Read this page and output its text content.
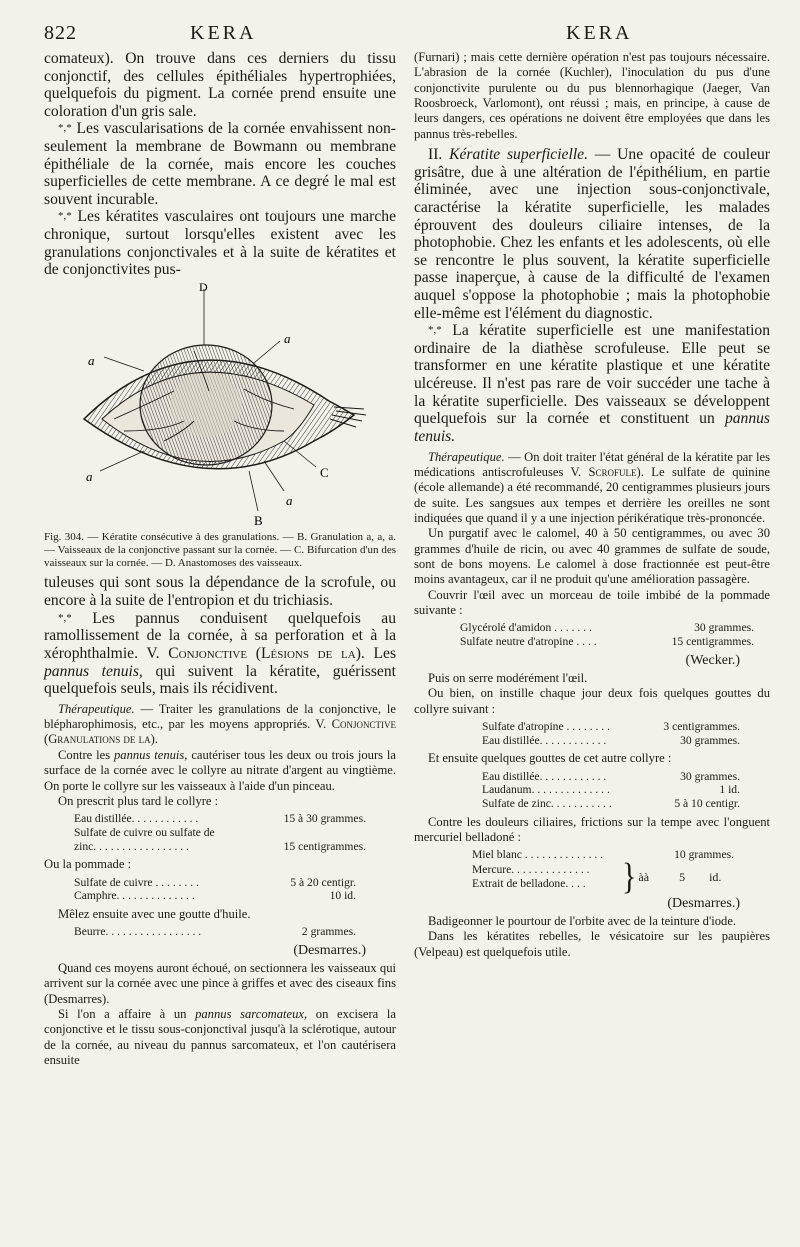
822	KERA	KERA

comateux). On trouve dans ces derniers du tissu conjonctif, des cellules épithéliales hypertrophiées, quelquefois du pigment. La cornée prend ensuite une coloration d'un gris sale.

*,* Les vascularisations de la cornée envahissent non-seulement la membrane de Bowmann ou membrane épithéliale de la cornée, mais encore les couches superficielles de cette membrane. A ce degré le mal est souvent incurable.

*,* Les kératites vasculaires ont toujours une marche chronique, surtout lorsqu'elles existent avec les granulations conjonctivales et à la suite de kératites et de conjonctivites pus-

D
a
a
a	C
a
B

Fig. 304. — Kératite consécutive à des granulations. — B. Granulation a, a, a. — Vaisseaux de la conjonctive passant sur la cornée. — C. Bifurcation d'un des vaisseaux sur la cornée. — D. Anastomoses des vaisseaux.

tuleuses qui sont sous la dépendance de la scrofule, ou encore à la suite de l'entropion et du trichiasis.

*,* Les pannus conduisent quelquefois au ramollissement de la cornée, à sa perforation et à la xérophthalmie. V. Conjonctive (Lésions de la). Les pannus tenuis, qui suivent la kératite, guérissent quelquefois seuls, mais ils récidivent.

Thérapeutique. — Traiter les granulations de la conjonctive, le blépharophimosis, etc., par les moyens appropriés. V. Conjonctive (Granulations de la).

Contre les pannus tenuis, cautériser tous les deux ou trois jours la surface de la cornée avec le collyre au nitrate d'argent au vingtième. On porte le collyre sur les vaisseaux à l'aide d'un pinceau.

On prescrit plus tard le collyre :

Eau distillée. . . . . . . . . . . .	15 à 30 grammes.
Sulfate de cuivre ou sulfate de
zinc. . . . . . . . . . . . . . . . .	15 centigrammes.

Ou la pommade :

Sulfate de cuivre . . . . . . . .	5 à 20 centigr.
Camphre. . . . . . . . . . . . . .	10 id.

Mêlez ensuite avec une goutte d'huile.

Beurre. . . . . . . . . . . . . . . . .	2 grammes.
(Desmarres.)

Quand ces moyens auront échoué, on sectionnera les vaisseaux qui arrivent sur la cornée avec une pince à griffes et avec des ciseaux fins (Desmarres).

Si l'on a affaire à un pannus sarcomateux, on excisera la conjonctive et le tissu sous-conjonctival jusqu'à la sclérotique, autour de la cornée, au niveau du pannus sarcomateux, et l'on cautérisera ensuite

(Furnari) ; mais cette dernière opération n'est pas toujours nécessaire. L'abrasion de la cornée (Kuchler), l'inoculation du pus d'une conjonctivite purulente ou du pus blennorhagique (Jaeger, Van Roosbroeck, Varlomont), ont réussi ; mais, en principe, à cause de leurs dangers, ces opérations ne doivent être employées que dans les pannus très-rebelles.

II. Kératite superficielle. — Une opacité de couleur grisâtre, due à une altération de l'épithélium, en partie éliminée, avec une injection sous-conjonctivale, caractérise la kératite superficielle, les malades éprouvent des douleurs ciliaire intenses, de la photophobie. Chez les enfants et les adolescents, où elle se rencontre le plus souvent, la kératite superficielle passe inaperçue, à cause de la difficulté de l'examen auquel s'oppose la photophobie ; mais la photophobie elle-même est l'élément du diagnostic.

*,* La kératite superficielle est une manifestation ordinaire de la diathèse scrofuleuse. Elle peut se transformer en une kératite plastique et une kératite ulcéreuse. Il n'est pas rare de voir succéder une tache à la kératite superficielle. Des vaisseaux se développent quelquefois sur la cornée et constituent un pannus tenuis.

Thérapeutique. — On doit traiter l'état général de la kératite par les médications antiscrofuleuses V. Scrofule). Le sulfate de quinine (école allemande) a été recommandé, 20 centigrammes plusieurs jours de suite. Les sangsues aux tempes et derrière les oreilles ne sont indiquées que quand il y a une injection périkératique très-prononcée.

Un purgatif avec le calomel, 40 à 50 centigrammes, ou avec 30 grammes d'huile de ricin, ou avec 40 grammes de sulfate de soude, sont de bons moyens. Le calomel à dose fractionnée est peut-être moins avantageux, car il ne produit qu'une amélioration passagère.

Couvrir l'œil avec un morceau de toile imbibé de la pommade suivante :

Glycérolé d'amidon . . . . . . .	30 grammes.
Sulfate neutre d'atropine . . . .	15 centigrammes.
(Wecker.)

Puis on serre modérément l'œil.

Ou bien, on instille chaque jour deux fois quelques gouttes du collyre suivant :

Sulfate d'atropine . . . . . . . .	3 centigrammes.
Eau distillée. . . . . . . . . . . .	30 grammes.

Et ensuite quelques gouttes de cet autre collyre :

Eau distillée. . . . . . . . . . . .	30 grammes.
Laudanum. . . . . . . . . . . . . .	1 id.
Sulfate de zinc. . . . . . . . . . .	5 à 10 centigr.

Contre les douleurs ciliaires, frictions sur la tempe avec l'onguent mercuriel belladoné :

Miel blanc . . . . . . . . . . . . . .	10 grammes.
Mercure. . . . . . . . . . . . . .
Extrait de belladone. . . .	} àà	5 id.
(Desmarres.)

Badigeonner le pourtour de l'orbite avec de la teinture d'iode.

Dans les kératites rebelles, le vésicatoire sur les paupières (Velpeau) est quelquefois utile.
